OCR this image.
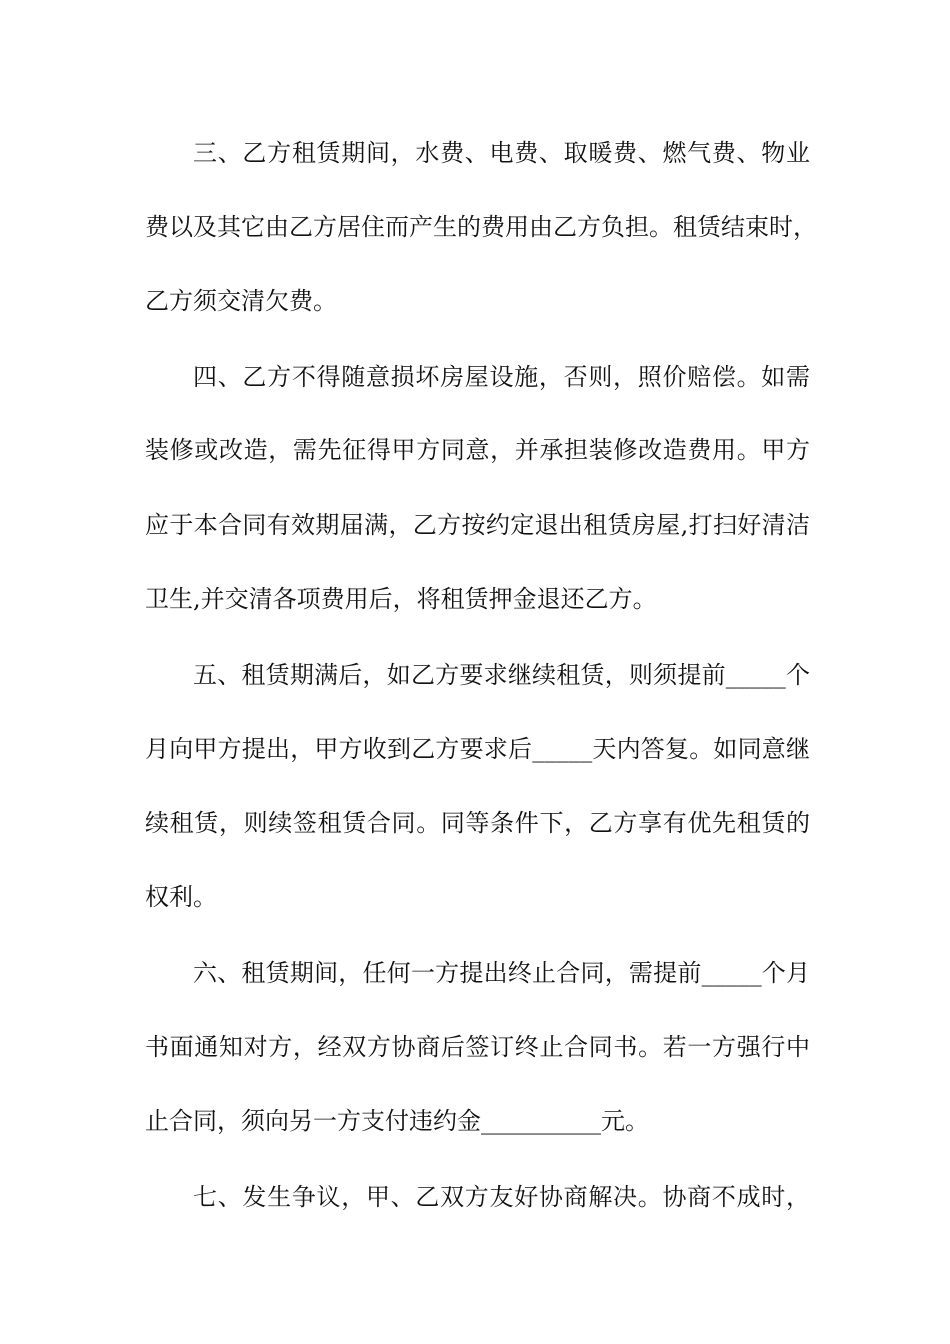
三、乙方租赁期间，水费、电费、取暖费、燃气费、物业
费以及其它由乙方居住而产生的费用由乙方负担。租赁结束时，
乙方须交清欠费。
四、乙方不得随意损坏房屋设施，否则，照价赔偿。如需
装修或改造，需先征得甲方同意，并承担装修改造费用。甲方
应于本合同有效期届满，乙方按约定退出租赁房屋,打扫好清洁
卫生,并交清各项费用后，将租赁押金退还乙方。
五、租赁期满后，如乙方要求继续租赁，则须提前_____个
月向甲方提出，甲方收到乙方要求后_____天内答复。如同意继
续租赁，则续签租赁合同。同等条件下，乙方享有优先租赁的
权利。
六、租赁期间，任何一方提出终止合同，需提前_____个月
书面通知对方，经双方协商后签订终止合同书。若一方强行中
止合同，须向另一方支付违约金__________元。
七、发生争议，甲、乙双方友好协商解决。协商不成时，
